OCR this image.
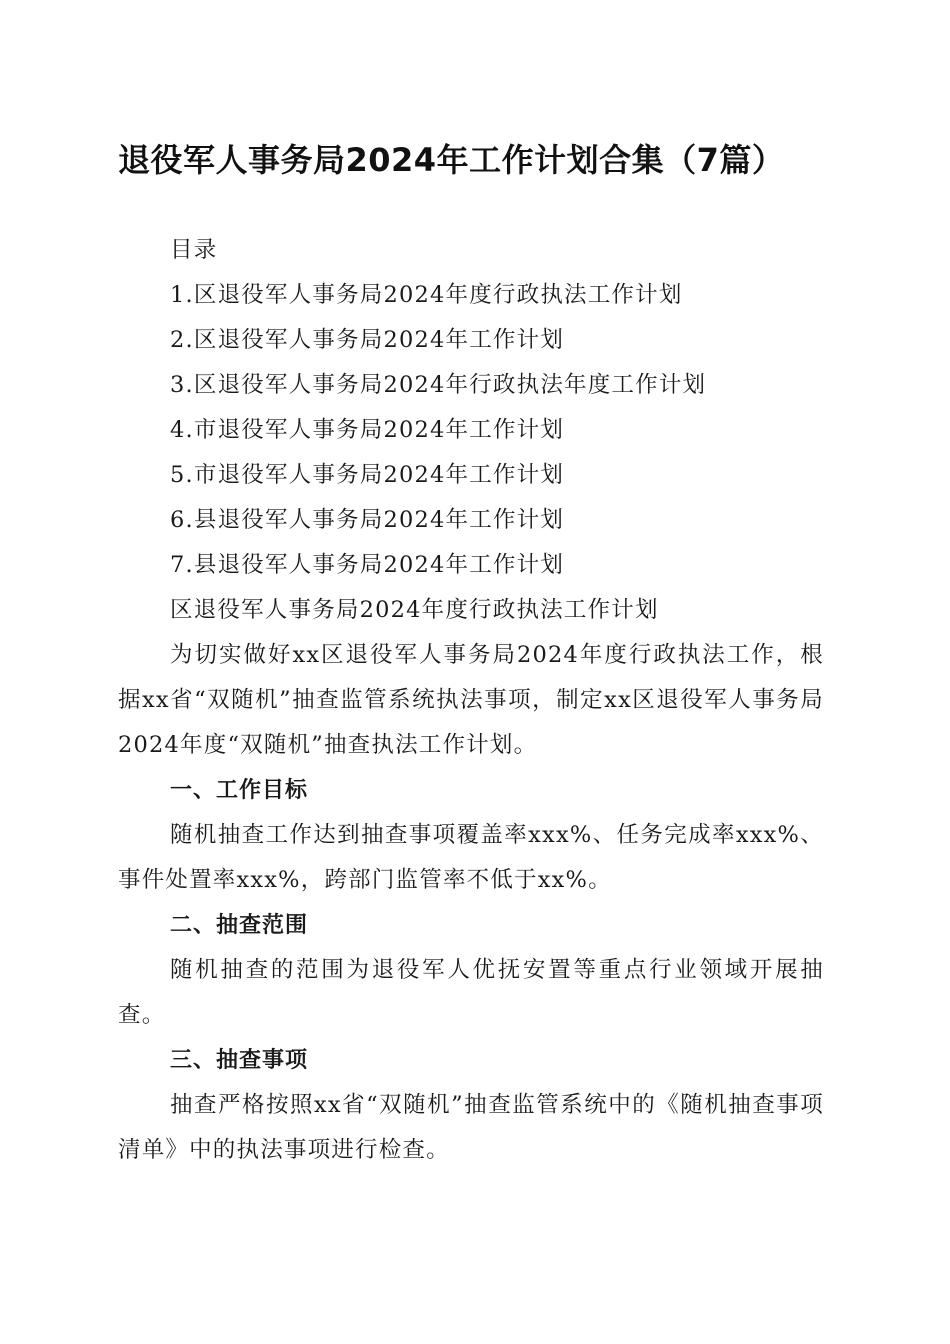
退役军人事务局2024年工作计划合集（7篇）

目录

1.区退役军人事务局2024年度行政执法工作计划

2.区退役军人事务局2024年工作计划

3.区退役军人事务局2024年行政执法年度工作计划

4.市退役军人事务局2024年工作计划

5.市退役军人事务局2024年工作计划

6.县退役军人事务局2024年工作计划

7.县退役军人事务局2024年工作计划

区退役军人事务局2024年度行政执法工作计划

为切实做好xx区退役军人事务局2024年度行政执法工作，根据xx省“双随机”抽查监管系统执法事项，制定xx区退役军人事务局2024年度“双随机”抽查执法工作计划。

一、工作目标

随机抽查工作达到抽查事项覆盖率xxx%、任务完成率xxx%、事件处置率xxx%，跨部门监管率不低于xx%。

二、抽查范围

随机抽查的范围为退役军人优抚安置等重点行业领域开展抽查。

三、抽查事项

抽查严格按照xx省“双随机”抽查监管系统中的《随机抽查事项清单》中的执法事项进行检查。
